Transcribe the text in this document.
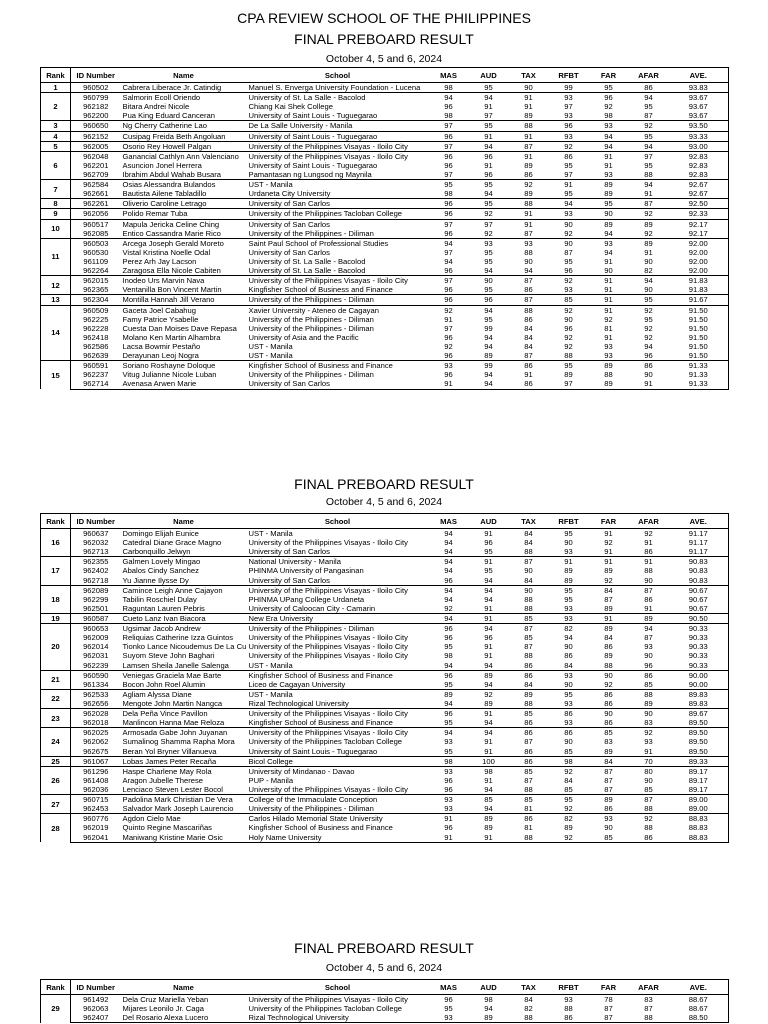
CPA REVIEW SCHOOL OF THE PHILIPPINES
FINAL PREBOARD RESULT
October 4, 5 and 6, 2024
Rank	ID Number	Name	School	MAS	AUD	TAX	RFBT	FAR	AFAR	AVE.
1	960502	Cabrera Liberace Jr. Catindig	Manuel S. Enverga University Foundation - Lucena	98	95	90	99	95	86	93.83
2	960799	Salmorin Ecoll Oriendo	University of St. La Salle - Bacolod	94	94	91	93	96	94	93.67
	962182	Bitara Andrei Nicole	Chiang Kai Shek College	96	91	91	97	92	95	93.67
	962200	Pua King Eduard Canceran	University of Saint Louis - Tuguegarao	98	97	89	93	98	87	93.67
3	960650	Ng Cherry Catherine Lao	De La Salle University - Manila	97	95	88	96	93	92	93.50
4	962152	Cusipag Freida Beth Angoluan	University of Saint Louis - Tuguegarao	96	91	91	93	94	95	93.33
5	962005	Osorio Rey Howell Palgan	University of the Philippines Visayas - Iloilo City	97	94	87	92	94	94	93.00
6	962048	Ganancial Cathlyn Ann Valenciano	University of the Philippines Visayas - Iloilo City	96	96	91	86	91	97	92.83
	962201	Asuncion Jonel Herrera	University of Saint Louis - Tuguegarao	96	91	89	95	91	95	92.83
	962709	Ibrahim Abdul Wahab Busara	Pamantasan ng Lungsod ng Maynila	97	96	86	97	93	88	92.83
7	962584	Osias Alessandra Bulandos	UST - Manila	95	95	92	91	89	94	92.67
	962661	Bautista Ailene Tabladillo	Urdaneta City University	98	94	89	95	89	91	92.67
8	962261	Oliverio Caroline Letrago	University of San Carlos	96	95	88	94	95	87	92.50
9	962056	Polido Remar Tuba	University of the Philippines Tacloban College	96	92	91	93	90	92	92.33
10	960517	Mapula Jericka Celine Ching	University of San Carlos	97	97	91	90	89	89	92.17
	962085	Entico Cassandra Marie Rico	University of the Philippines - Diliman	96	92	87	92	94	92	92.17
11	960503	Arcega Joseph Gerald Moreto	Saint Paul School of Professional Studies	94	93	93	90	93	89	92.00
	960530	Vistal Kristina Noelle Odal	University of San Carlos	97	95	88	87	94	91	92.00
	961109	Perez Arh Jay Lacson	University of St. La Salle - Bacolod	94	95	90	95	91	90	92.00
	962264	Zaragosa Ella Nicole Cabiten	University of St. La Salle - Bacolod	96	94	94	96	90	82	92.00
12	962015	Inodeo Urs Marvin Nava	University of the Philippines Visayas - Iloilo City	97	90	87	92	91	94	91.83
	962365	Ventanilla Bon Vincent Martin	Kingfisher School of Business and Finance	96	95	86	93	91	90	91.83
13	962304	Montilla Hannah Jill Verano	University of the Philippines - Diliman	96	96	87	85	91	95	91.67
14	960509	Gaceta Joel Cabahug	Xavier University - Ateneo de Cagayan	92	94	88	92	91	92	91.50
	962225	Famy Patrice Ysabelle	University of the Philippines - Diliman	91	95	86	90	92	95	91.50
	962228	Cuesta Dan Moises Dave Repasa	University of the Philippines - Diliman	97	99	84	96	81	92	91.50
	962418	Molano Ken Martin Alhambra	University of Asia and the Pacific	96	94	84	92	91	92	91.50
	962586	Lacsa Bowmir Pestaño	UST - Manila	92	94	84	92	93	94	91.50
	962639	Derayunan Leoj Nogra	UST - Manila	96	89	87	88	93	96	91.50
15	960591	Soriano Roshayne Doloque	Kingfisher School of Business and Finance	93	99	86	95	89	86	91.33
	962237	Vitug Julianne Nicole Luban	University of the Philippines - Diliman	96	94	91	89	88	90	91.33
	962714	Avenasa Arwen Marie	University of San Carlos	91	94	86	97	89	91	91.33
FINAL PREBOARD RESULT
October 4, 5 and 6, 2024
Rank	ID Number	Name	School	MAS	AUD	TAX	RFBT	FAR	AFAR	AVE.
16	960637	Domingo Elijah Eunice	UST - Manila	94	91	84	95	91	92	91.17
	962032	Catedral Diane Grace Magno	University of the Philippines Visayas - Iloilo City	94	96	84	90	92	91	91.17
	962713	Carbonquillo Jelwyn	University of San Carlos	94	95	88	93	91	86	91.17
17	962355	Galmen Lovely Mingao	National University - Manila	94	91	87	91	91	91	90.83
	962402	Abalos Cindy Sanchez	PHINMA University of Pangasinan	94	95	90	89	89	88	90.83
	962718	Yu Jianne Ilysse Dy	University of San Carlos	96	94	84	89	92	90	90.83
18	962089	Camince Leigh Anne Cajayon	University of the Philippines Visayas - Iloilo City	94	94	90	95	84	87	90.67
	962299	Tabilin Roschiel Dulay	PHINMA UPang College Urdaneta	94	94	88	95	87	86	90.67
	962501	Raguntan Lauren Pebris	University of Caloocan City - Camarin	92	91	88	93	89	91	90.67
19	960587	Cueto Lanz Ivan Biacora	New Era University	94	91	85	93	91	89	90.50
20	960653	Ugsimar Jacob Andrew	University of the Philippines - Diliman	96	94	87	82	89	94	90.33
	962009	Reliquias Catherine Izza Guintos	University of the Philippines Visayas - Iloilo City	96	96	85	94	84	87	90.33
	962014	Tionko Lance Nicoudemus De La Cu	University of the Philippines Visayas - Iloilo City	95	91	87	90	86	93	90.33
	962031	Suyom Steve John Baghari	University of the Philippines Visayas - Iloilo City	98	91	88	86	89	90	90.33
	962239	Lamsen Sheila Janelle Salenga	UST - Manila	94	94	86	84	88	96	90.33
21	960590	Veniegas Graciela Mae Barte	Kingfisher School of Business and Finance	96	89	86	93	90	86	90.00
	961334	Bocon John Roel Alumin	Liceo de Cagayan University	95	94	84	90	92	85	90.00
22	962533	Agliam Alyssa Diane	UST - Manila	89	92	89	95	86	88	89.83
	962656	Mengote John Martin Nangca	Rizal Technological University	94	89	88	93	86	89	89.83
23	962028	Dela Peña Vince Pavillon	University of the Philippines Visayas - Iloilo City	96	91	85	86	90	90	89.67
	962018	Manlincon Hanna Mae Reloza	Kingfisher School of Business and Finance	95	94	86	93	86	83	89.50
24	962025	Armosada Gabe John Juyanan	University of the Philippines Visayas - Iloilo City	94	94	86	86	85	92	89.50
	962062	Sumalinog Shamma Rapha Mora	University of the Philippines Tacloban College	93	91	87	90	83	93	89.50
	962675	Beran Yol Bryner Villanueva	University of Saint Louis - Tuguegarao	95	91	86	85	89	91	89.50
25	961067	Lobas James Peter Recaña	Bicol College	98	100	86	98	84	70	89.33
26	961296	Haspe Charlene May Rola	University of Mindanao - Davao	93	98	85	92	87	80	89.17
	961408	Aragon Jubelle Therese	PUP - Manila	96	91	87	84	87	90	89.17
	962036	Lenciaco Steven Lester Bocol	University of the Philippines Visayas - Iloilo City	96	94	88	85	87	85	89.17
27	960715	Padolina Mark Christian De Vera	College of the Immaculate Conception	93	85	85	95	89	87	89.00
	962453	Salvador Mark Joseph Laurencio	University of the Philippines - Diliman	93	94	81	92	86	88	89.00
28	960776	Agdon Cielo Mae	Carlos Hilado Memorial State University	91	89	86	82	93	92	88.83
	962019	Quinto Regine Mascariñas	Kingfisher School of Business and Finance	96	89	81	89	90	88	88.83
	962041	Maniwang Kristine Marie Osic	Holy Name University	91	91	88	92	85	86	88.83
FINAL PREBOARD RESULT
October 4, 5 and 6, 2024
Rank	ID Number	Name	School	MAS	AUD	TAX	RFBT	FAR	AFAR	AVE.
29	961492	Dela Cruz Mariella Yeban	University of the Philippines Visayas - Iloilo City	96	98	84	93	78	83	88.67
	962063	Mijares Leonilo Jr. Caga	University of the Philippines Tacloban College	95	94	82	88	87	87	88.67
	962407	Del Rosario Alexa Lucero	Rizal Technological University	93	89	88	86	87	88	88.50
